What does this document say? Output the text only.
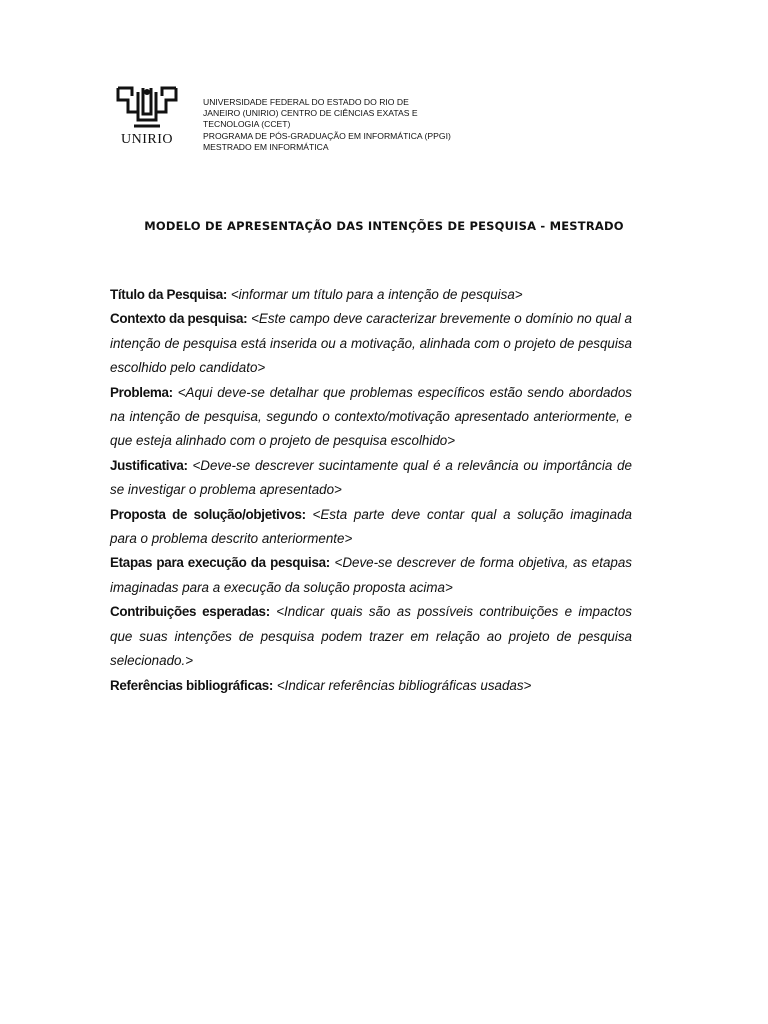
UNIRIO
UNIVERSIDADE FEDERAL DO ESTADO DO RIO DE
JANEIRO (UNIRIO) CENTRO DE CIÊNCIAS EXATAS E
TECNOLOGIA (CCET)
PROGRAMA DE PÓS-GRADUAÇÃO EM INFORMÁTICA (PPGI)
MESTRADO EM INFORMÁTICA
MODELO DE APRESENTAÇÃO DAS INTENÇÕES DE PESQUISA - MESTRADO
Título da Pesquisa: <informar um título para a intenção de pesquisa>
Contexto da pesquisa: <Este campo deve caracterizar brevemente o domínio no qual a intenção de pesquisa está inserida ou a motivação, alinhada com o projeto de pesquisa escolhido pelo candidato>
Problema: <Aqui deve-se detalhar que problemas específicos estão sendo abordados na intenção de pesquisa, segundo o contexto/motivação apresentado anteriormente, e que esteja alinhado com o projeto de pesquisa escolhido>
Justificativa: <Deve-se descrever sucintamente qual é a relevância ou importância de se investigar o problema apresentado>
Proposta de solução/objetivos: <Esta parte deve contar qual a solução imaginada para o problema descrito anteriormente>
Etapas para execução da pesquisa: <Deve-se descrever de forma objetiva, as etapas imaginadas para a execução da solução proposta acima>
Contribuições esperadas: <Indicar quais são as possíveis contribuições e impactos que suas intenções de pesquisa podem trazer em relação ao projeto de pesquisa selecionado.>
Referências bibliográficas: <Indicar referências bibliográficas usadas>
